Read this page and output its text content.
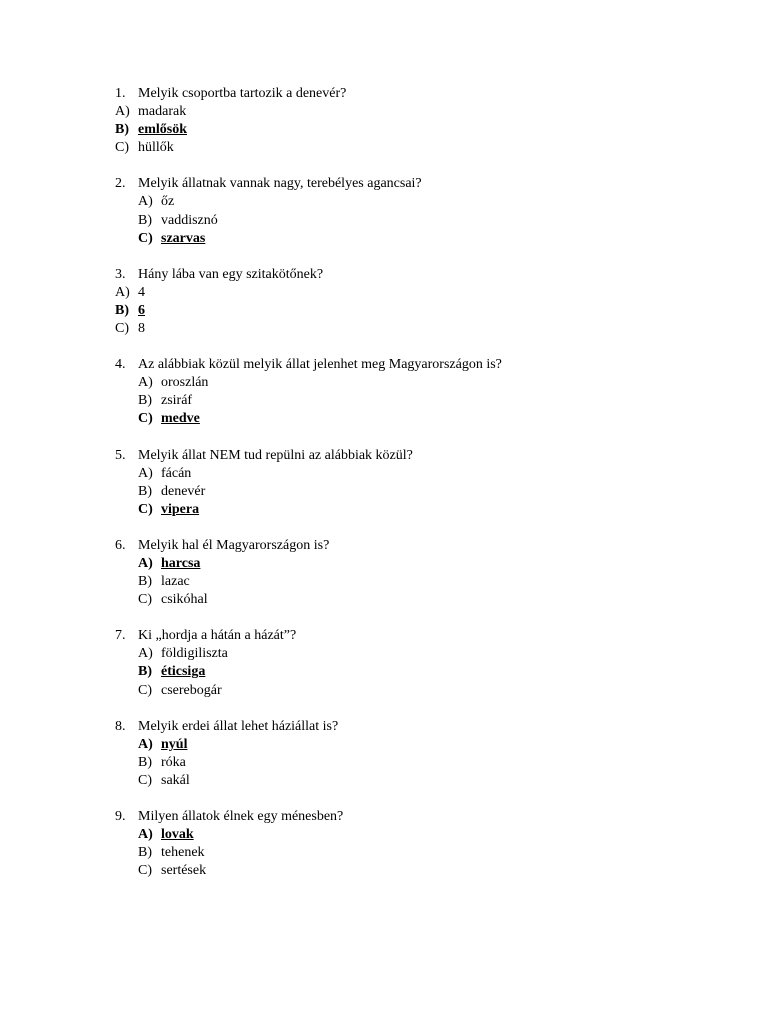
1. Melyik csoportba tartozik a denevér?
A) madarak
B) emlősök
C) hüllők
2. Melyik állatnak vannak nagy, terebélyes agancsai?
A) őz
B) vaddisznó
C) szarvas
3. Hány lába van egy szitakötőnek?
A) 4
B) 6
C) 8
4. Az alábbiak közül melyik állat jelenhet meg Magyarországon is?
A) oroszlán
B) zsiráf
C) medve
5. Melyik állat NEM tud repülni az alábbiak közül?
A) fácán
B) denevér
C) vipera
6. Melyik hal él Magyarországon is?
A) harcsa
B) lazac
C) csikóhal
7. Ki „hordja a hátán a házát”?
A) földigiliszta
B) éticsiga
C) cserebogár
8. Melyik erdei állat lehet háziállat is?
A) nyúl
B) róka
C) sakál
9. Milyen állatok élnek egy ménesben?
A) lovak
B) tehenek
C) sertések
